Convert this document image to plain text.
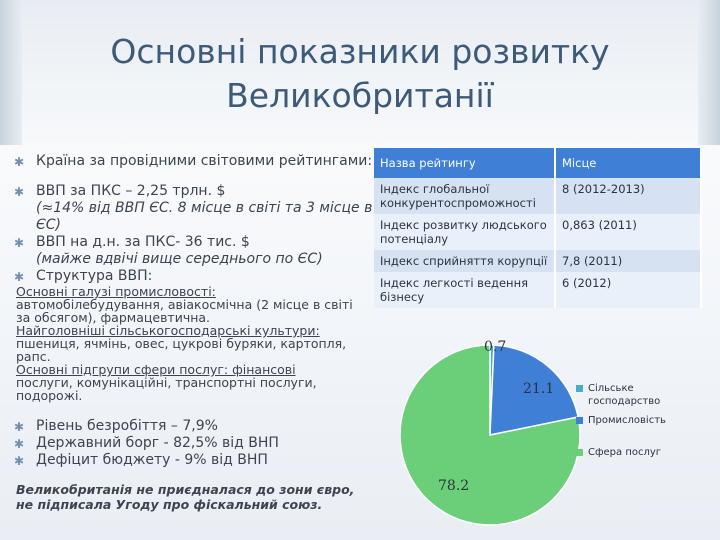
Основні показники розвитку
Великобританії
✱ Країна за провідними світовими рейтингами:
✱ ВВП за ПКС – 2,25 трлн. $
(≈14% від ВВП ЄС. 8 місце в світі та 3 місце в
ЄС)
✱ ВВП на д.н. за ПКС- 36 тис. $
(майже вдвічі вище середнього по ЄС)
✱ Структура ВВП:
Основні галузі промисловості:
автомобілебудування, авіакосмічна (2 місце в світі
за обсягом), фармацевтична.
Найголовніші сільськогосподарські культури:
пшениця, ячмінь, овес, цукрові буряки, картопля,
рапс.
Основні підгрупи сфери послуг: фінансові
послуги, комунікаційні, транспортні послуги,
подорожі.
✱ Рівень безробіття – 7,9%
✱ Державний борг - 82,5% від ВНП
✱ Дефіцит бюджету - 9% від ВНП
Великобританія не приєдналася до зони євро,
не підписала Угоду про фіскальний союз.
Назва рейтингу	Місце
Індекс глобальної
конкурентоспроможності	8 (2012-2013)
Індекс розвитку людського
потенціалу	0,863 (2011)
Індекс сприйняття корупції	7,8 (2011)
Індекс легкості ведення
бізнесу	6 (2012)
0.7
21.1
78.2
Сільське господарство
Промисловість
Сфера послуг
